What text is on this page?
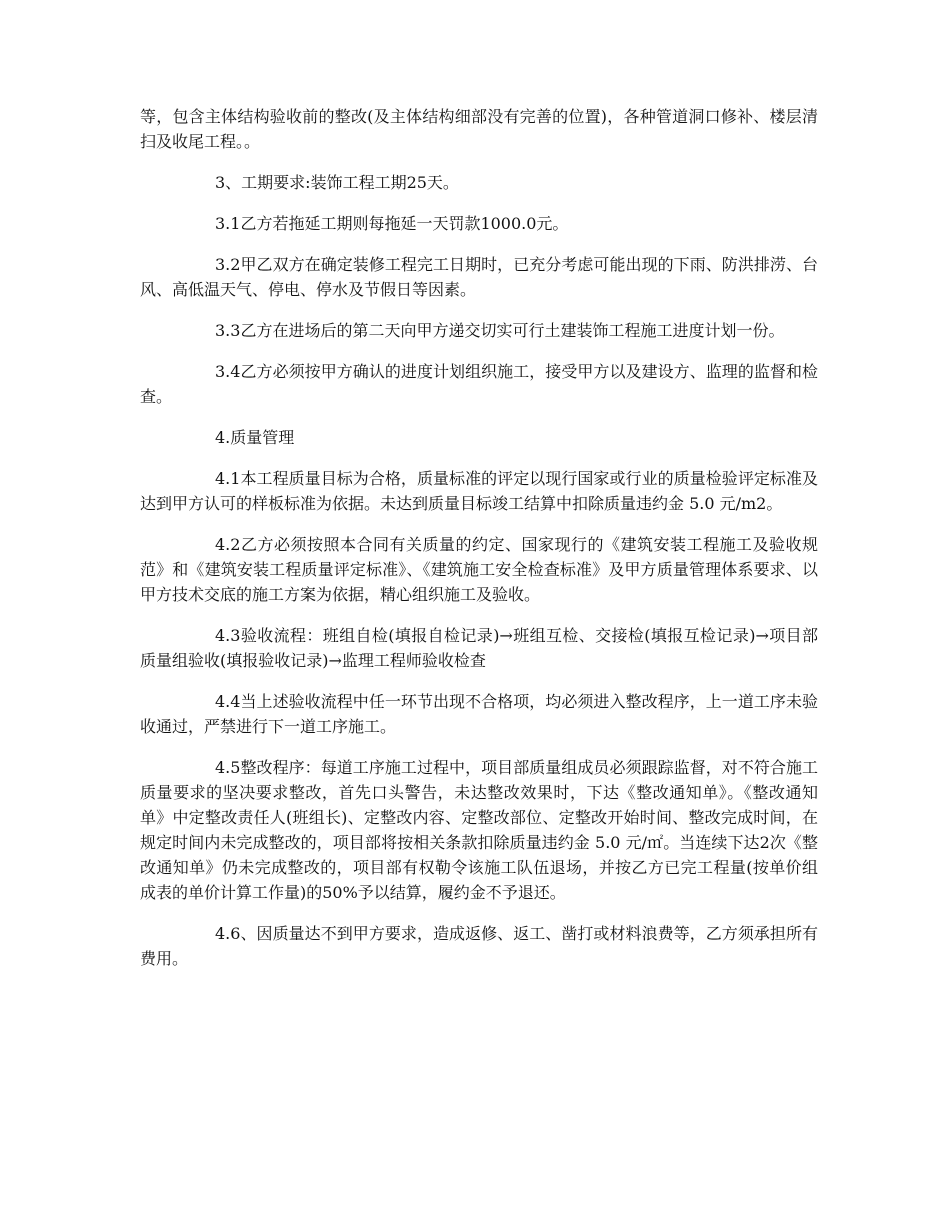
等，包含主体结构验收前的整改(及主体结构细部没有完善的位置)，各种管道洞口修补、楼层清扫及收尾工程。。

3、工期要求:装饰工程工期25天。

3.1乙方若拖延工期则每拖延一天罚款1000.0元。

3.2甲乙双方在确定装修工程完工日期时，已充分考虑可能出现的下雨、防洪排涝、台风、高低温天气、停电、停水及节假日等因素。

3.3乙方在进场后的第二天向甲方递交切实可行土建装饰工程施工进度计划一份。

3.4乙方必须按甲方确认的进度计划组织施工，接受甲方以及建设方、监理的监督和检查。

4.质量管理

4.1本工程质量目标为合格，质量标准的评定以现行国家或行业的质量检验评定标准及达到甲方认可的样板标准为依据。未达到质量目标竣工结算中扣除质量违约金 5.0 元/m2。

4.2乙方必须按照本合同有关质量的约定、国家现行的《建筑安装工程施工及验收规范》和《建筑安装工程质量评定标准》、《建筑施工安全检查标准》及甲方质量管理体系要求、以甲方技术交底的施工方案为依据，精心组织施工及验收。

4.3验收流程：班组自检(填报自检记录)→班组互检、交接检(填报互检记录)→项目部质量组验收(填报验收记录)→监理工程师验收检查

4.4当上述验收流程中任一环节出现不合格项，均必须进入整改程序，上一道工序未验收通过，严禁进行下一道工序施工。

4.5整改程序：每道工序施工过程中，项目部质量组成员必须跟踪监督，对不符合施工质量要求的坚决要求整改，首先口头警告，未达整改效果时，下达《整改通知单》。《整改通知单》中定整改责任人(班组长)、定整改内容、定整改部位、定整改开始时间、整改完成时间，在规定时间内未完成整改的，项目部将按相关条款扣除质量违约金 5.0 元/㎡。当连续下达2次《整改通知单》仍未完成整改的，项目部有权勒令该施工队伍退场，并按乙方已完工程量(按单价组成表的单价计算工作量)的50%予以结算，履约金不予退还。

4.6、因质量达不到甲方要求，造成返修、返工、凿打或材料浪费等，乙方须承担所有费用。
